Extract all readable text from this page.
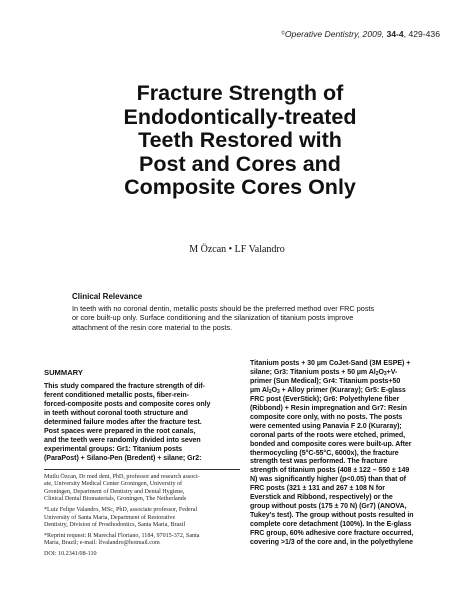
©Operative Dentistry, 2009, 34-4, 429-436
Fracture Strength of
Endodontically-treated
Teeth Restored with
Post and Cores and
Composite Cores Only
M Özcan • LF Valandro
Clinical Relevance
In teeth with no coronal dentin, metallic posts should be the preferred method over FRC posts
or core built-up only. Surface conditioning and the silanization of titanium posts improve
attachment of the resin core material to the posts.
SUMMARY
This study compared the fracture strength of dif-
ferent conditioned metallic posts, fiber-rein-
forced-composite posts and composite cores only
in teeth without coronal tooth structure and
determined failure modes after the fracture test.
Post spaces were prepared in the root canals,
and the teeth were randomly divided into seven
experimental groups: Gr1: Titanium posts
(ParaPost) + Silano-Pen (Bredent) + silane; Gr2:
Mutlu Özcan, Dr med dent, PhD, professor and research associ-
ate, University Medical Center Groningen, University of
Groningen, Department of Dentistry and Dental Hygiene,
Clinical Dental Biomaterials, Groningen, The Netherlands
*Luiz Felipe Valandro, MSc, PhD, associate professor, Federal
University of Santa Maria, Department of Restorative
Dentistry, Division of Prosthodontics, Santa Maria, Brazil
*Reprint request: R Marechal Floriano, 1184, 97015-372, Santa
Maria, Brazil; e-mail: lfvalandro@hotmail.com
DOI: 10.2341/08-110
Titanium posts + 30 µm CoJet-Sand (3M ESPE) +
silane; Gr3: Titanium posts + 50 µm $Al_2O_3+V-$
primer (Sun Medical); Gr4: Titanium posts+50
µm $Al_2O_3$ + Alloy primer (Kuraray); Gr5: E-glass
FRC post (EverStick); Gr6: Polyethylene fiber
(Ribbond) + Resin impregnation and Gr7: Resin
composite core only, with no posts. The posts
were cemented using Panavia F 2.0 (Kuraray);
coronal parts of the roots were etched, primed,
bonded and composite cores were built-up. After
thermocycling (5°C-55°C, 6000x), the fracture
strength test was performed. The fracture
strength of titanium posts (408 ± 122 – 550 ± 149
N) was significantly higher (p<0.05) than that of
FRC posts (321 ± 131 and 267 ± 108 N for
Everstick and Ribbond, respectively) or the
group without posts (175 ± 70 N) (Gr7) (ANOVA,
Tukey's test). The group without posts resulted in
complete core detachment (100%). In the E-glass
FRC group, 60% adhesive core fracture occurred,
covering >1/3 of the core and, in the polyethylene
